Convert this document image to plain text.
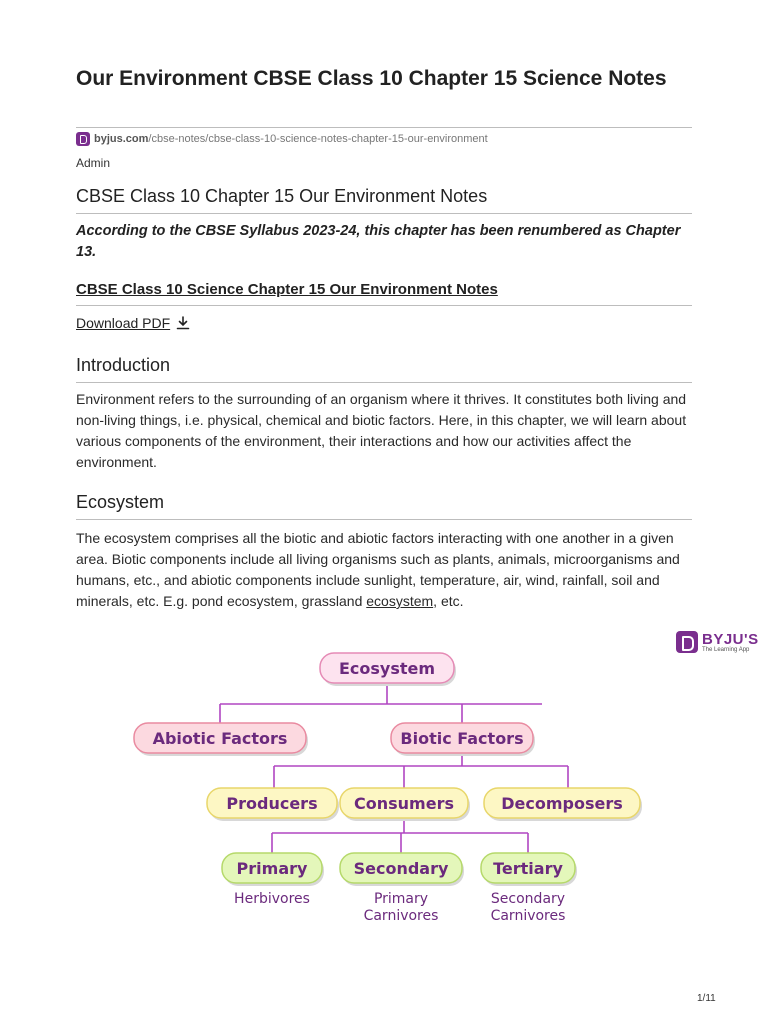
Our Environment CBSE Class 10 Chapter 15 Science Notes
byjus.com /cbse-notes/cbse-class-10-science-notes-chapter-15-our-environment
Admin
CBSE Class 10 Chapter 15 Our Environment Notes
According to the CBSE Syllabus 2023-24, this chapter has been renumbered as Chapter 13.
CBSE Class 10 Science Chapter 15 Our Environment Notes
Download PDF
Introduction
Environment refers to the surrounding of an organism where it thrives. It constitutes both living and non-living things, i.e. physical, chemical and biotic factors. Here, in this chapter, we will learn about various components of the environment, their interactions and how our activities affect the environment.
Ecosystem
The ecosystem comprises all the biotic and abiotic factors interacting with one another in a given area. Biotic components include all living organisms such as plants, animals, microorganisms and humans, etc., and abiotic components include sunlight, temperature, air, wind, rainfall, soil and minerals, etc. E.g. pond ecosystem, grassland ecosystem, etc.
BYJU'S
The Learning App
Ecosystem
Abiotic Factors	Biotic Factors
Producers Consumers	Decomposers
Primary	Secondary	Tertiary
Herbivores	Primary
Carnivores
Secondary
Carnivores
1/11
